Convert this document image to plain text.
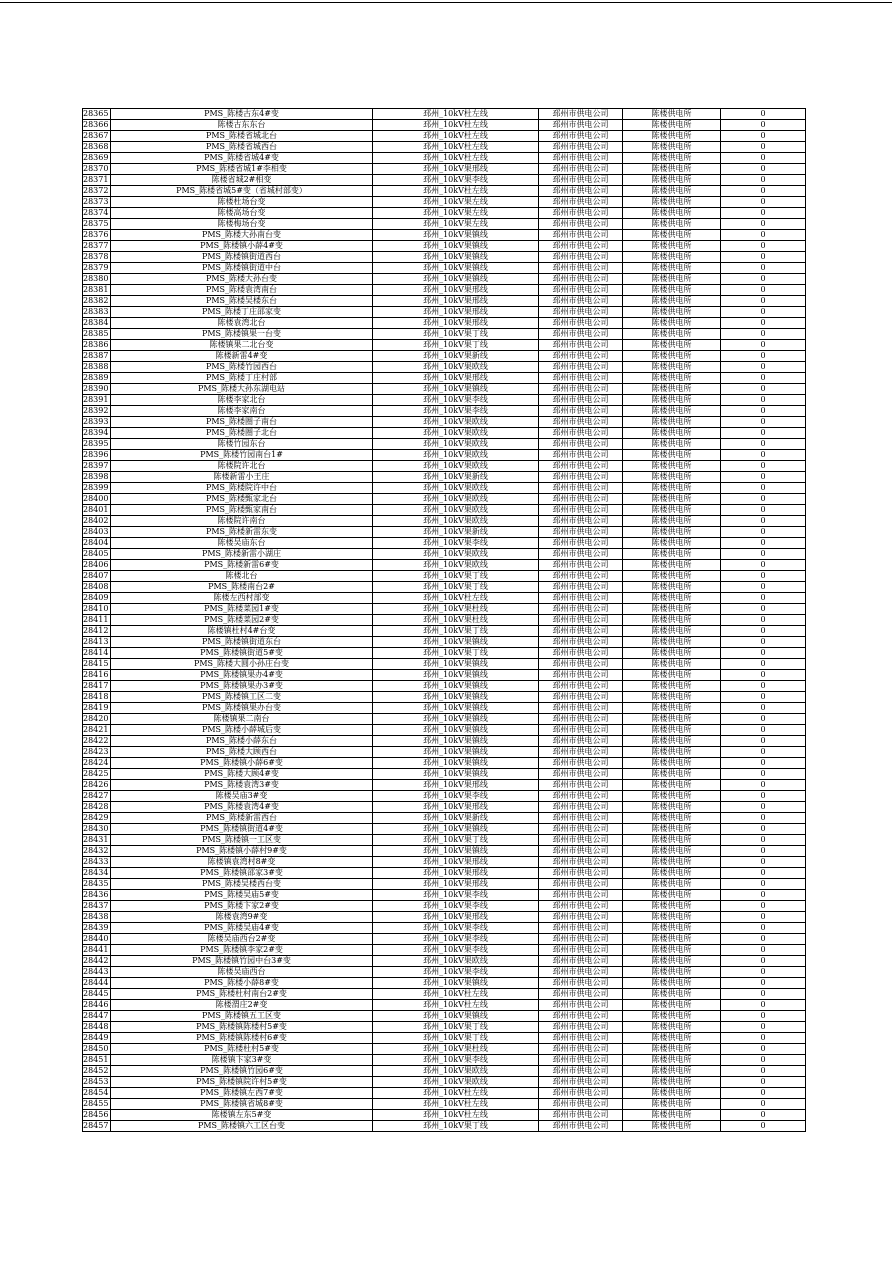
28365	PMS_陈楼古东4#变	邳州_10kV杜左线	邳州市供电公司	陈楼供电所	0
28366	陈楼古东东台	邳州_10kV杜左线	邳州市供电公司	陈楼供电所	0
28367	PMS_陈楼省城北台	邳州_10kV杜左线	邳州市供电公司	陈楼供电所	0
28368	PMS_陈楼省城西台	邳州_10kV杜左线	邳州市供电公司	陈楼供电所	0
28369	PMS_陈楼省城4#变	邳州_10kV杜左线	邳州市供电公司	陈楼供电所	0
28370	PMS_陈楼省城1#李相变	邳州_10kV果邢线	邳州市供电公司	陈楼供电所	0
28371	陈楼省城2#相变	邳州_10kV果李线	邳州市供电公司	陈楼供电所	0
28372	PMS_陈楼省城5#变（省城村部变）	邳州_10kV杜左线	邳州市供电公司	陈楼供电所	0
28373	陈楼杜场台变	邳州_10kV果左线	邳州市供电公司	陈楼供电所	0
28374	陈楼高场台变	邳州_10kV果左线	邳州市供电公司	陈楼供电所	0
28375	陈楼梅场台变	邳州_10kV果左线	邳州市供电公司	陈楼供电所	0
28376	PMS_陈楼大孙南台变	邳州_10kV果镇线	邳州市供电公司	陈楼供电所	0
28377	PMS_陈楼镇小薛4#变	邳州_10kV果镇线	邳州市供电公司	陈楼供电所	0
28378	PMS_陈楼镇街道西台	邳州_10kV果镇线	邳州市供电公司	陈楼供电所	0
28379	PMS_陈楼镇街道中台	邳州_10kV果镇线	邳州市供电公司	陈楼供电所	0
28380	PMS_陈楼大孙台变	邳州_10kV果镇线	邳州市供电公司	陈楼供电所	0
28381	PMS_陈楼袁湾南台	邳州_10kV果邢线	邳州市供电公司	陈楼供电所	0
28382	PMS_陈楼吴楼东台	邳州_10kV果邢线	邳州市供电公司	陈楼供电所	0
28383	PMS_陈楼丁庄邵家变	邳州_10kV果邢线	邳州市供电公司	陈楼供电所	0
28384	陈楼袁湾北台	邳州_10kV果邢线	邳州市供电公司	陈楼供电所	0
28385	PMS_陈楼镇果一台变	邳州_10kV果丁线	邳州市供电公司	陈楼供电所	0
28386	陈楼镇果二北台变	邳州_10kV果丁线	邳州市供电公司	陈楼供电所	0
28387	陈楼新雷4#变	邳州_10kV果新线	邳州市供电公司	陈楼供电所	0
28388	PMS_陈楼竹园西台	邳州_10kV果欧线	邳州市供电公司	陈楼供电所	0
28389	PMS_陈楼丁庄村部	邳州_10kV果邢线	邳州市供电公司	陈楼供电所	0
28390	PMS_陈楼大孙东湖电站	邳州_10kV果镇线	邳州市供电公司	陈楼供电所	0
28391	陈楼李家北台	邳州_10kV果李线	邳州市供电公司	陈楼供电所	0
28392	陈楼李家南台	邳州_10kV果李线	邳州市供电公司	陈楼供电所	0
28393	PMS_陈楼圈子南台	邳州_10kV果欧线	邳州市供电公司	陈楼供电所	0
28394	PMS_陈楼圈子北台	邳州_10kV果欧线	邳州市供电公司	陈楼供电所	0
28395	陈楼竹园东台	邳州_10kV果欧线	邳州市供电公司	陈楼供电所	0
28396	PMS_陈楼竹园南台1#	邳州_10kV果欧线	邳州市供电公司	陈楼供电所	0
28397	陈楼院许北台	邳州_10kV果欧线	邳州市供电公司	陈楼供电所	0
28398	陈楼新雷小王庄	邳州_10kV果新线	邳州市供电公司	陈楼供电所	0
28399	PMS_陈楼院许中台	邳州_10kV果欧线	邳州市供电公司	陈楼供电所	0
28400	PMS_陈楼甄家北台	邳州_10kV果欧线	邳州市供电公司	陈楼供电所	0
28401	PMS_陈楼甄家南台	邳州_10kV果欧线	邳州市供电公司	陈楼供电所	0
28402	陈楼院许南台	邳州_10kV果欧线	邳州市供电公司	陈楼供电所	0
28403	PMS_陈楼新雷东变	邳州_10kV果新线	邳州市供电公司	陈楼供电所	0
28404	陈楼吴庙东台	邳州_10kV果李线	邳州市供电公司	陈楼供电所	0
28405	PMS_陈楼新雷小湖庄	邳州_10kV果欧线	邳州市供电公司	陈楼供电所	0
28406	PMS_陈楼新雷6#变	邳州_10kV果欧线	邳州市供电公司	陈楼供电所	0
28407	陈楼北台	邳州_10kV果丁线	邳州市供电公司	陈楼供电所	0
28408	PMS_陈楼南台2#	邳州_10kV果丁线	邳州市供电公司	陈楼供电所	0
28409	陈楼左西村部变	邳州_10kV杜左线	邳州市供电公司	陈楼供电所	0
28410	PMS_陈楼菜园1#变	邳州_10kV果杜线	邳州市供电公司	陈楼供电所	0
28411	PMS_陈楼菜园2#变	邳州_10kV果杜线	邳州市供电公司	陈楼供电所	0
28412	陈楼镇杜村4#台变	邳州_10kV果丁线	邳州市供电公司	陈楼供电所	0
28413	PMS_陈楼镇街道东台	邳州_10kV果镇线	邳州市供电公司	陈楼供电所	0
28414	PMS_陈楼镇街道5#变	邳州_10kV果丁线	邳州市供电公司	陈楼供电所	0
28415	PMS_陈楼大圆小孙庄台变	邳州_10kV果镇线	邳州市供电公司	陈楼供电所	0
28416	PMS_陈楼镇果办4#变	邳州_10kV果镇线	邳州市供电公司	陈楼供电所	0
28417	PMS_陈楼镇果办3#变	邳州_10kV果镇线	邳州市供电公司	陈楼供电所	0
28418	PMS_陈楼镇工区二变	邳州_10kV果镇线	邳州市供电公司	陈楼供电所	0
28419	PMS_陈楼镇果办台变	邳州_10kV果镇线	邳州市供电公司	陈楼供电所	0
28420	陈楼镇果二南台	邳州_10kV果镇线	邳州市供电公司	陈楼供电所	0
28421	PMS_陈楼小薛城后变	邳州_10kV果镇线	邳州市供电公司	陈楼供电所	0
28422	PMS_陈楼小薛东台	邳州_10kV果镇线	邳州市供电公司	陈楼供电所	0
28423	PMS_陈楼大顾西台	邳州_10kV果镇线	邳州市供电公司	陈楼供电所	0
28424	PMS_陈楼镇小薛6#变	邳州_10kV果镇线	邳州市供电公司	陈楼供电所	0
28425	PMS_陈楼大顾4#变	邳州_10kV果镇线	邳州市供电公司	陈楼供电所	0
28426	PMS_陈楼袁湾3#变	邳州_10kV果邢线	邳州市供电公司	陈楼供电所	0
28427	陈楼吴庙3#变	邳州_10kV果李线	邳州市供电公司	陈楼供电所	0
28428	PMS_陈楼袁湾4#变	邳州_10kV果邢线	邳州市供电公司	陈楼供电所	0
28429	PMS_陈楼新雷西台	邳州_10kV果新线	邳州市供电公司	陈楼供电所	0
28430	PMS_陈楼镇街道4#变	邳州_10kV果镇线	邳州市供电公司	陈楼供电所	0
28431	PMS_陈楼镇一工区变	邳州_10kV果丁线	邳州市供电公司	陈楼供电所	0
28432	PMS_陈楼镇小薛村9#变	邳州_10kV果镇线	邳州市供电公司	陈楼供电所	0
28433	陈楼镇袁湾村8#变	邳州_10kV果邢线	邳州市供电公司	陈楼供电所	0
28434	PMS_陈楼镇邵家3#变	邳州_10kV果邢线	邳州市供电公司	陈楼供电所	0
28435	PMS_陈楼吴楼西台变	邳州_10kV果邢线	邳州市供电公司	陈楼供电所	0
28436	PMS_陈楼吴庙5#变	邳州_10kV果李线	邳州市供电公司	陈楼供电所	0
28437	PMS_陈楼卞家2#变	邳州_10kV果李线	邳州市供电公司	陈楼供电所	0
28438	陈楼袁湾9#变	邳州_10kV果邢线	邳州市供电公司	陈楼供电所	0
28439	PMS_陈楼吴庙4#变	邳州_10kV果李线	邳州市供电公司	陈楼供电所	0
28440	陈楼吴庙西台2#变	邳州_10kV果李线	邳州市供电公司	陈楼供电所	0
28441	PMS_陈楼镇李家2#变	邳州_10kV果李线	邳州市供电公司	陈楼供电所	0
28442	PMS_陈楼镇竹园中台3#变	邳州_10kV果欧线	邳州市供电公司	陈楼供电所	0
28443	陈楼吴庙西台	邳州_10kV果李线	邳州市供电公司	陈楼供电所	0
28444	PMS_陈楼小薛8#变	邳州_10kV果镇线	邳州市供电公司	陈楼供电所	0
28445	PMS_陈楼杜村南台2#变	邳州_10kV杜左线	邳州市供电公司	陈楼供电所	0
28446	陈楼渭庄2#变	邳州_10kV杜左线	邳州市供电公司	陈楼供电所	0
28447	PMS_陈楼镇五工区变	邳州_10kV果镇线	邳州市供电公司	陈楼供电所	0
28448	PMS_陈楼镇陈楼村5#变	邳州_10kV果丁线	邳州市供电公司	陈楼供电所	0
28449	PMS_陈楼镇陈楼村6#变	邳州_10kV果丁线	邳州市供电公司	陈楼供电所	0
28450	PMS_陈楼杜村5#变	邳州_10kV果杜线	邳州市供电公司	陈楼供电所	0
28451	陈楼镇卞家3#变	邳州_10kV果李线	邳州市供电公司	陈楼供电所	0
28452	PMS_陈楼镇竹园6#变	邳州_10kV果欧线	邳州市供电公司	陈楼供电所	0
28453	PMS_陈楼镇院许村5#变	邳州_10kV果欧线	邳州市供电公司	陈楼供电所	0
28454	PMS_陈楼镇左西7#变	邳州_10kV杜左线	邳州市供电公司	陈楼供电所	0
28455	PMS_陈楼镇省城8#变	邳州_10kV杜左线	邳州市供电公司	陈楼供电所	0
28456	陈楼镇左东5#变	邳州_10kV杜左线	邳州市供电公司	陈楼供电所	0
28457	PMS_陈楼镇六工区台变	邳州_10kV果丁线	邳州市供电公司	陈楼供电所	0
